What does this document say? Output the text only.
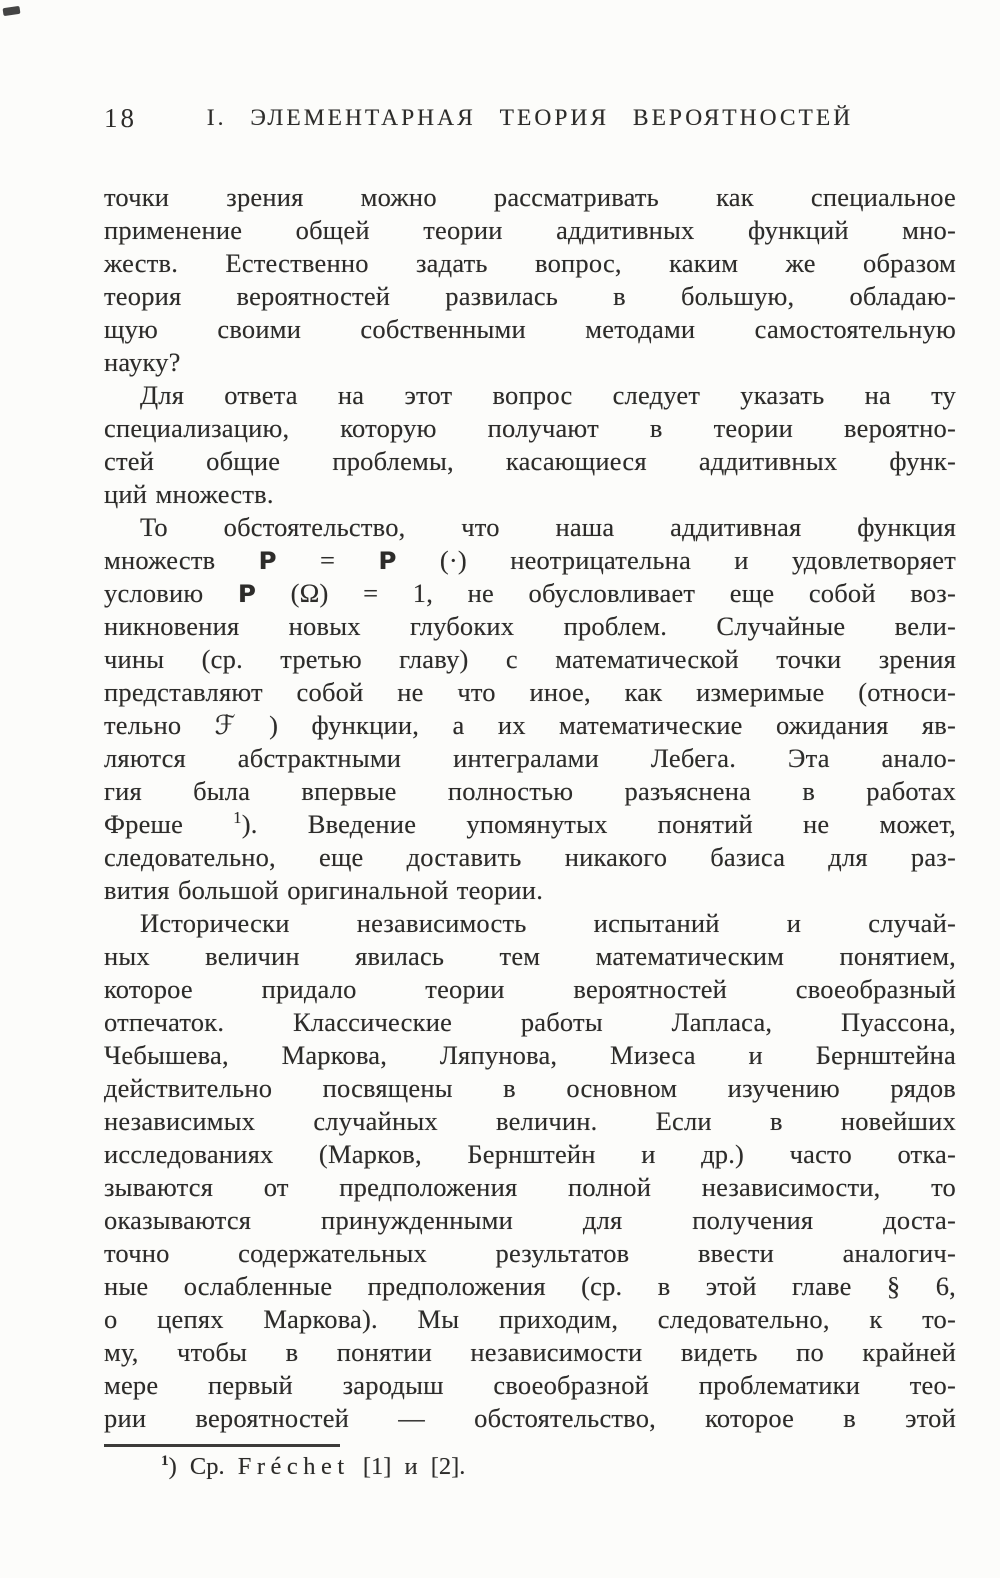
18	I. ЭЛЕМЕНТАРНАЯ ТЕОРИЯ ВЕРОЯТНОСТЕЙ
точки зрения можно рассматривать как специальное
применение общей теории аддитивных функций мно-
жеств. Естественно задать вопрос, каким же образом
теория вероятностей развилась в большую, обладаю-
щую своими собственными методами самостоятельную
науку?
Для ответа на этот вопрос следует указать на ту
специализацию, которую получают в теории вероятно-
стей общие проблемы, касающиеся аддитивных функ-
ций множеств.
То обстоятельство, что наша аддитивная функция
множеств P = P (·) неотрицательна и удовлетворяет
условию P (Ω) = 1, не обусловливает еще собой воз-
никновения новых глубоких проблем. Случайные вели-
чины (ср. третью главу) с математической точки зрения
представляют собой не что иное, как измеримые (относи-
тельно ℱ ) функции, а их математические ожидания яв-
ляются абстрактными интегралами Лебега. Эта анало-
гия была впервые полностью разъяснена в работах
Фреше $^1$). Введение упомянутых понятий не может,
следовательно, еще доставить никакого базиса для раз-
вития большой оригинальной теории.
Исторически независимость испытаний и случай-
ных величин явилась тем математическим понятием,
которое придало теории вероятностей своеобразный
отпечаток. Классические работы Лапласа, Пуассона,
Чебышева, Маркова, Ляпунова, Мизеса и Бернштейна
действительно посвящены в основном изучению рядов
независимых случайных величин. Если в новейших
исследованиях (Марков, Бернштейн и др.) часто отка-
зываются от предположения полной независимости, то
оказываются принужденными для получения доста-
точно содержательных результатов ввести аналогич-
ные ослабленные предположения (ср. в этой главе § 6,
о цепях Маркова). Мы приходим, следовательно, к то-
му, чтобы в понятии независимости видеть по крайней
мере первый зародыш своеобразной проблематики тео-
рии вероятностей — обстоятельство, которое в этой
$^1$) Ср. Fréchet [1] и [2].
